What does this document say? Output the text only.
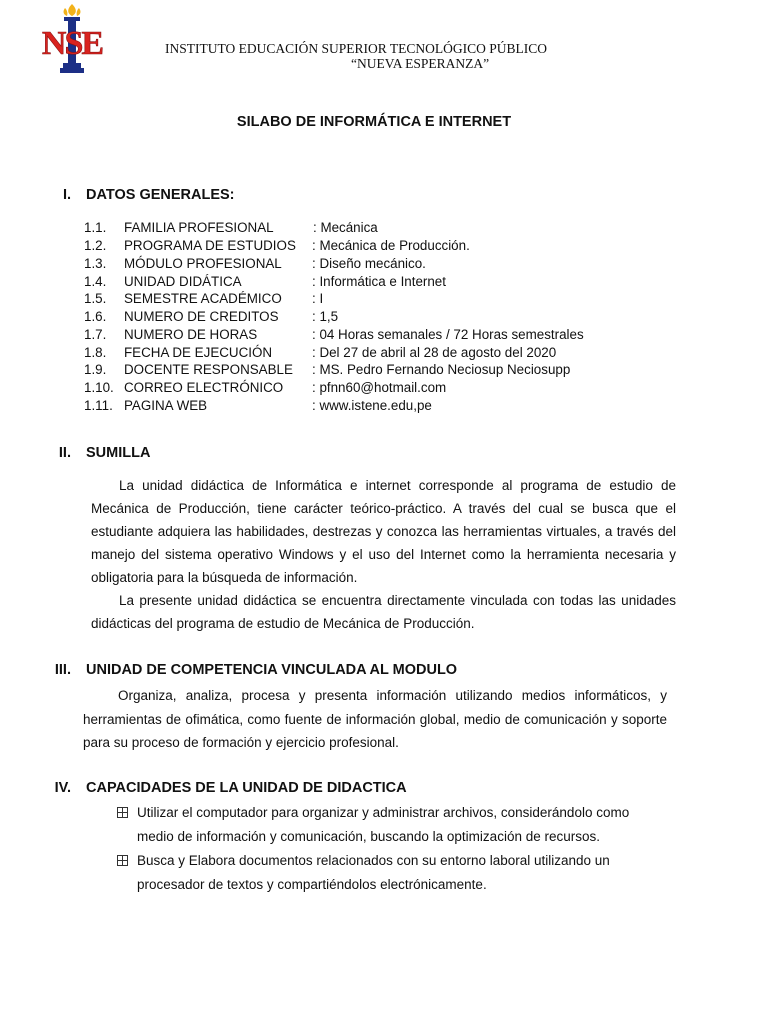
NSE	INSTITUTO EDUCACIÓN SUPERIOR TECNOLÓGICO PÚBLICO
“NUEVA ESPERANZA”
SILABO DE INFORMÁTICA E INTERNET
I. DATOS GENERALES:
1.1. FAMILIA PROFESIONAL	: Mecánica
1.2. PROGRAMA DE ESTUDIOS : Mecánica de Producción.
1.3. MÓDULO PROFESIONAL : Diseño mecánico.
1.4. UNIDAD DIDÁTICA	: Informática e Internet
1.5. SEMESTRE ACADÉMICO : I
1.6. NUMERO DE CREDITOS : 1,5
1.7. NUMERO DE HORAS	: 04 Horas semanales / 72 Horas semestrales
1.8. FECHA DE EJECUCIÓN	: Del 27 de abril al 28 de agosto del 2020
1.9. DOCENTE RESPONSABLE : MS. Pedro Fernando Neciosup Neciosupp
1.10. CORREO ELECTRÓNICO : pfnn60@hotmail.com
1.11. PAGINA WEB	: www.istene.edu,pe
II. SUMILLA

La unidad didáctica de Informática e internet corresponde al programa de estudio de Mecánica de Producción, tiene carácter teórico-práctico. A través del cual se busca que el estudiante adquiera las habilidades, destrezas y conozca las herramientas virtuales, a través del manejo del sistema operativo Windows y el uso del Internet como la herramienta necesaria y obligatoria para la búsqueda de información.

La presente unidad didáctica se encuentra directamente vinculada con todas las unidades didácticas del programa de estudio de Mecánica de Producción.

III. UNIDAD DE COMPETENCIA VINCULADA AL MODULO

Organiza, analiza, procesa y presenta información utilizando medios informáticos, y herramientas de ofimática, como fuente de información global, medio de comunicación y soporte para su proceso de formación y ejercicio profesional.

IV. CAPACIDADES DE LA UNIDAD DE DIDACTICA
Utilizar el computador para organizar y administrar archivos, considerándolo como
medio de información y comunicación, buscando la optimización de recursos.
Busca y Elabora documentos relacionados con su entorno laboral utilizando un
procesador de textos y compartiéndolos electrónicamente.
